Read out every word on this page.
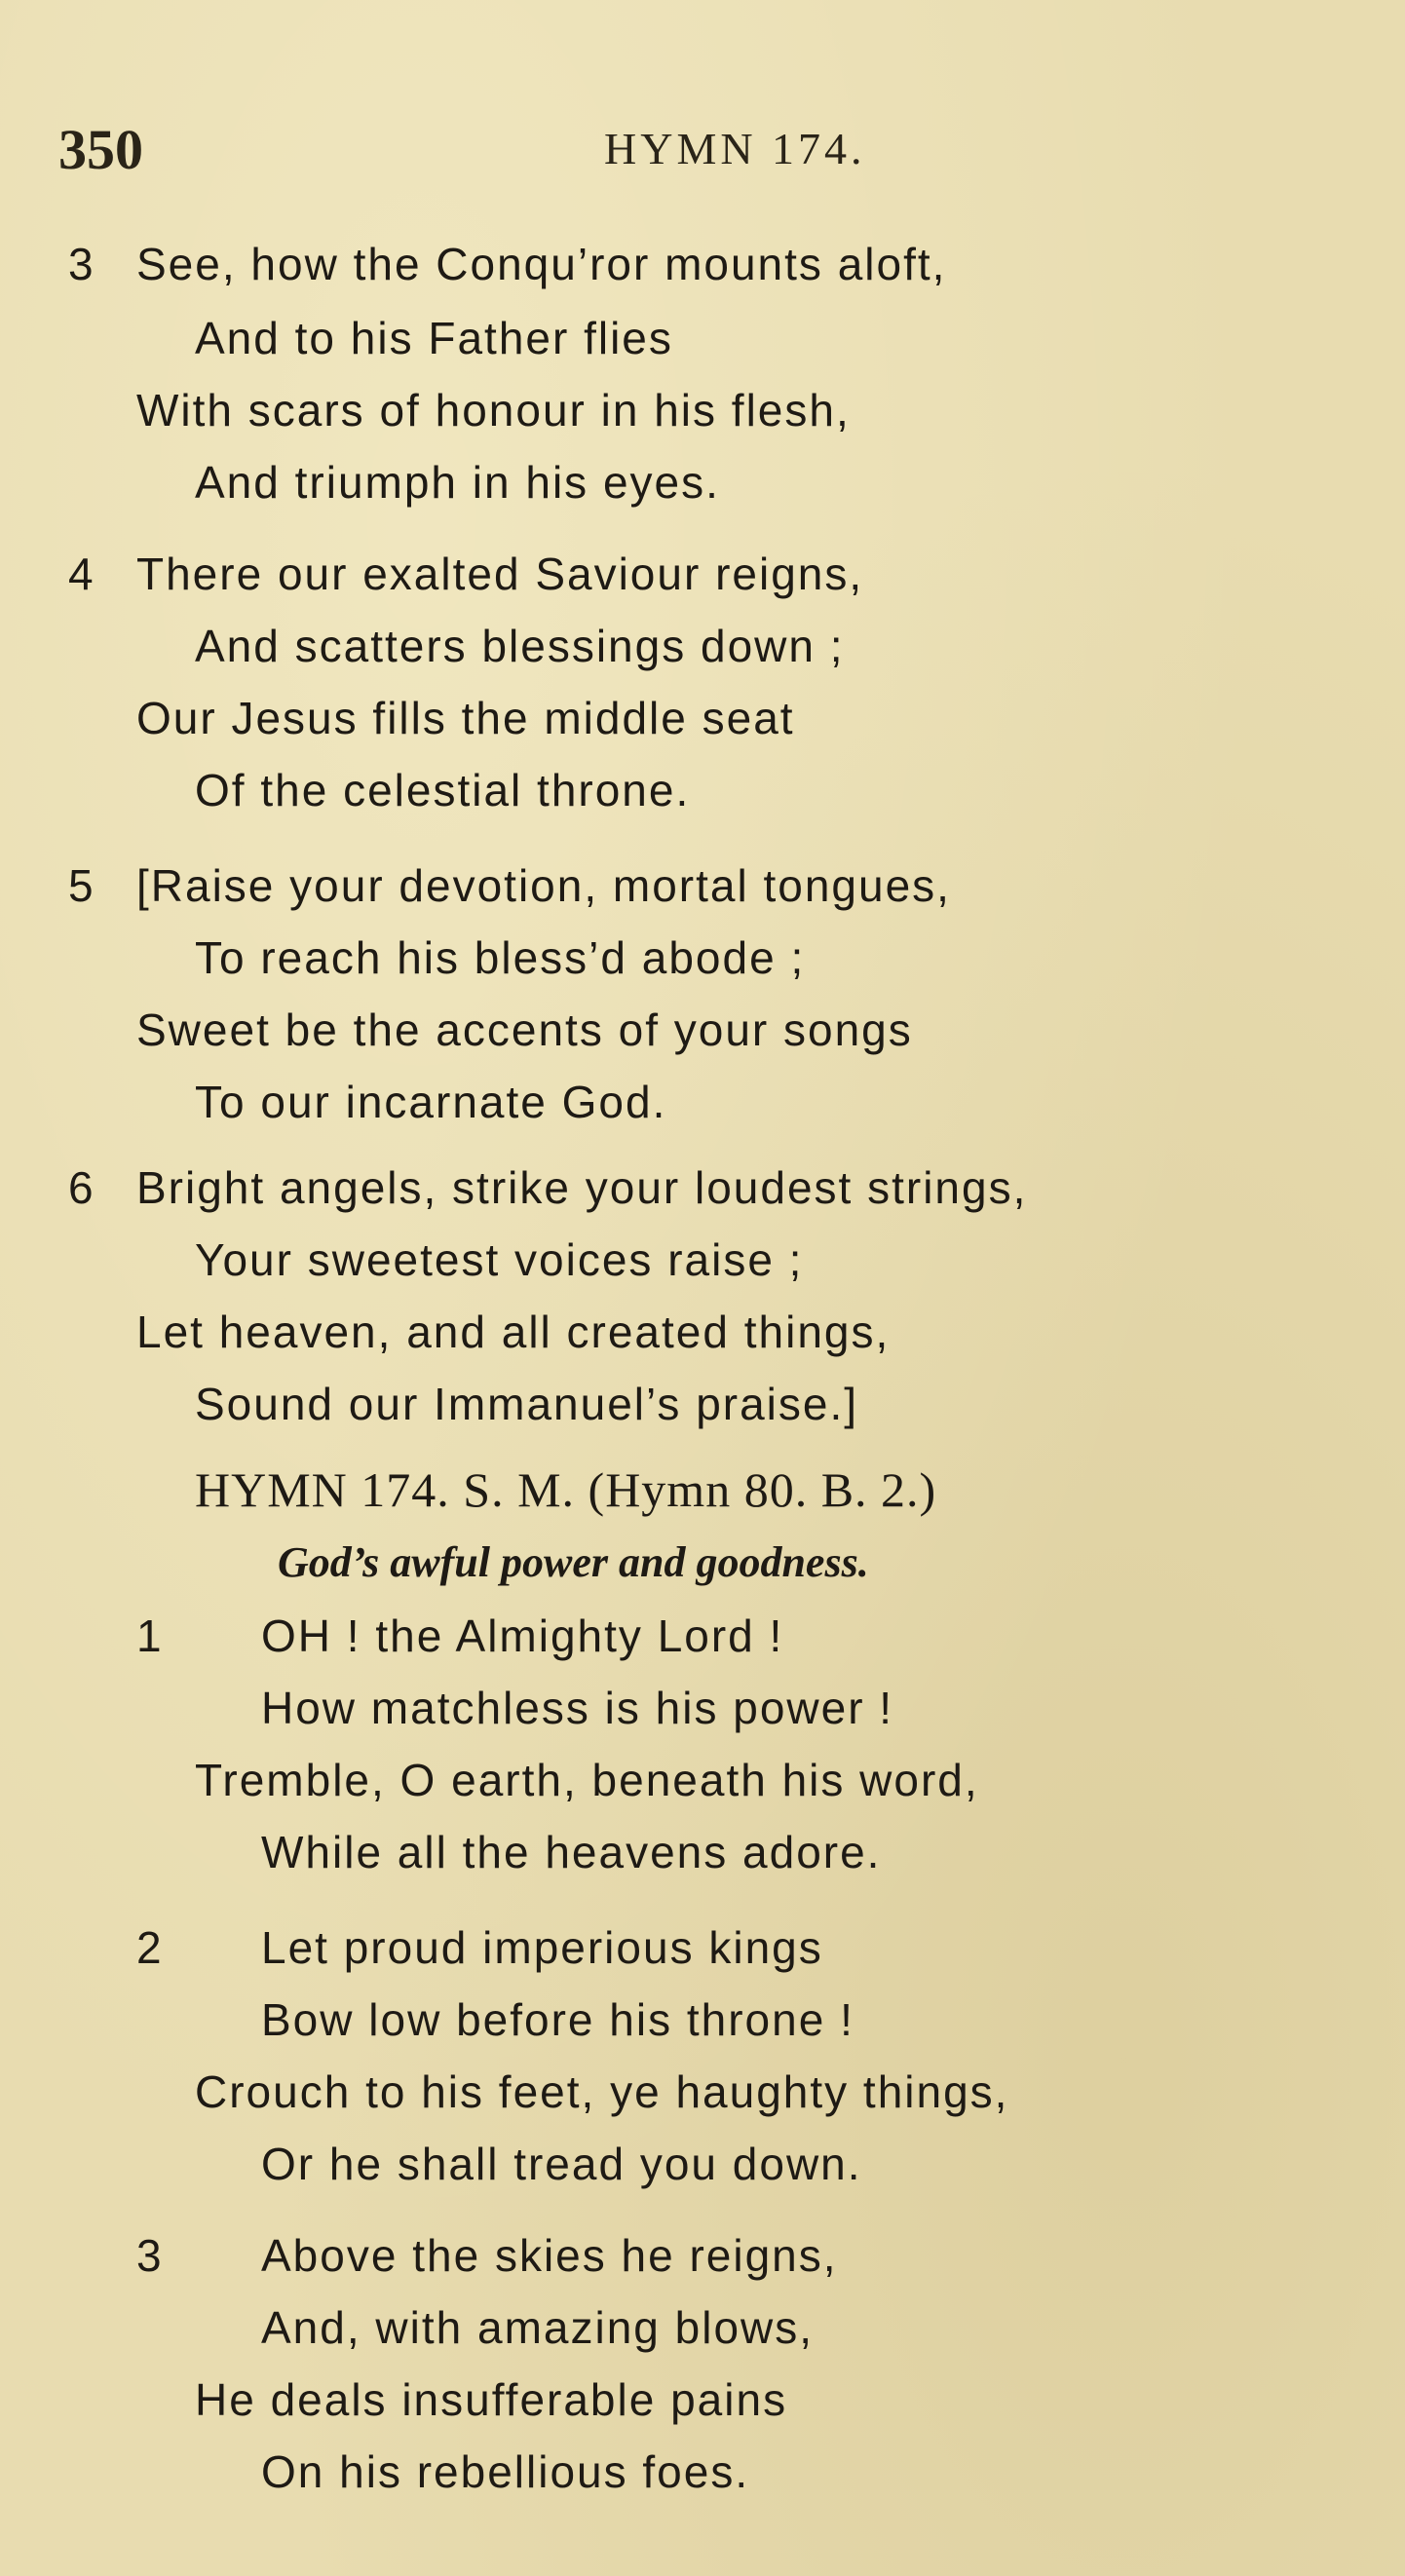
350	HYMN 174.
3 See, how the Conqu’ror mounts aloft,
And to his Father flies
With scars of honour in his flesh,
And triumph in his eyes.
4 There our exalted Saviour reigns,
And scatters blessings down ;
Our Jesus fills the middle seat
Of the celestial throne.
5 [Raise your devotion, mortal tongues,
To reach his bless’d abode ;
Sweet be the accents of your songs
To our incarnate God.
6 Bright angels, strike your loudest strings,
Your sweetest voices raise ;
Let heaven, and all created things,
Sound our Immanuel’s praise.]
HYMN 174. S. M. (Hymn 80. B. 2.)
God’s awful power and goodness.
1 OH ! the Almighty Lord !
How matchless is his power !
Tremble, O earth, beneath his word,
While all the heavens adore.
2 Let proud imperious kings
Bow low before his throne !
Crouch to his feet, ye haughty things,
Or he shall tread you down.
3 Above the skies he reigns,
And, with amazing blows,
He deals insufferable pains
On his rebellious foes.
